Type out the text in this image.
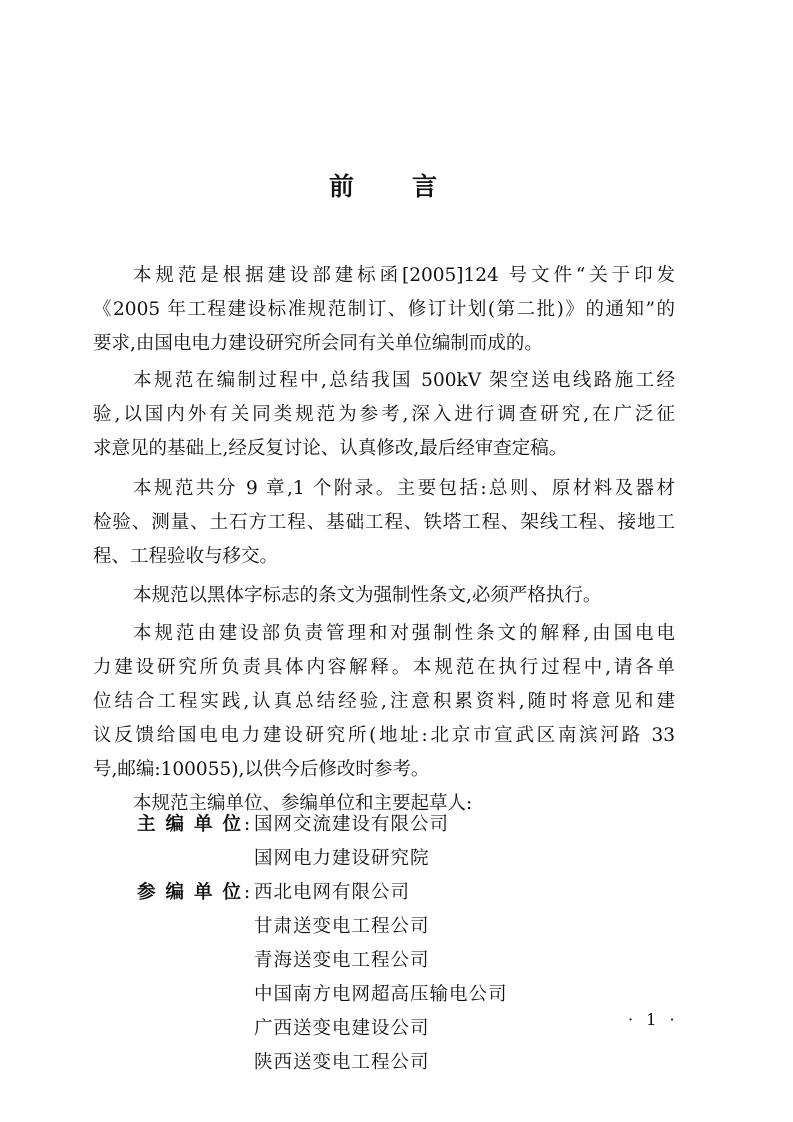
前 言
本规范是根据建设部建标函[2005]124 号文件“关于印发
《2005 年工程建设标准规范制订、修订计划(第二批)》的通知”的
要求,由国电电力建设研究所会同有关单位编制而成的。
本规范在编制过程中,总结我国 500kV 架空送电线路施工经
验,以国内外有关同类规范为参考,深入进行调查研究,在广泛征
求意见的基础上,经反复讨论、认真修改,最后经审查定稿。
本规范共分 9 章,1 个附录。主要包括:总则、原材料及器材
检验、测量、土石方工程、基础工程、铁塔工程、架线工程、接地工
程、工程验收与移交。
本规范以黑体字标志的条文为强制性条文,必须严格执行。
本规范由建设部负责管理和对强制性条文的解释,由国电电
力建设研究所负责具体内容解释。本规范在执行过程中,请各单
位结合工程实践,认真总结经验,注意积累资料,随时将意见和建
议反馈给国电电力建设研究所(地址:北京市宣武区南滨河路 33
号,邮编:100055),以供今后修改时参考。
本规范主编单位、参编单位和主要起草人:
主编单位 : 国网交流建设有限公司
国网电力建设研究院
参编单位 : 西北电网有限公司
甘肃送变电工程公司
青海送变电工程公司
中国南方电网超高压输电公司
广西送变电建设公司
陕西送变电工程公司
· 1 ·
